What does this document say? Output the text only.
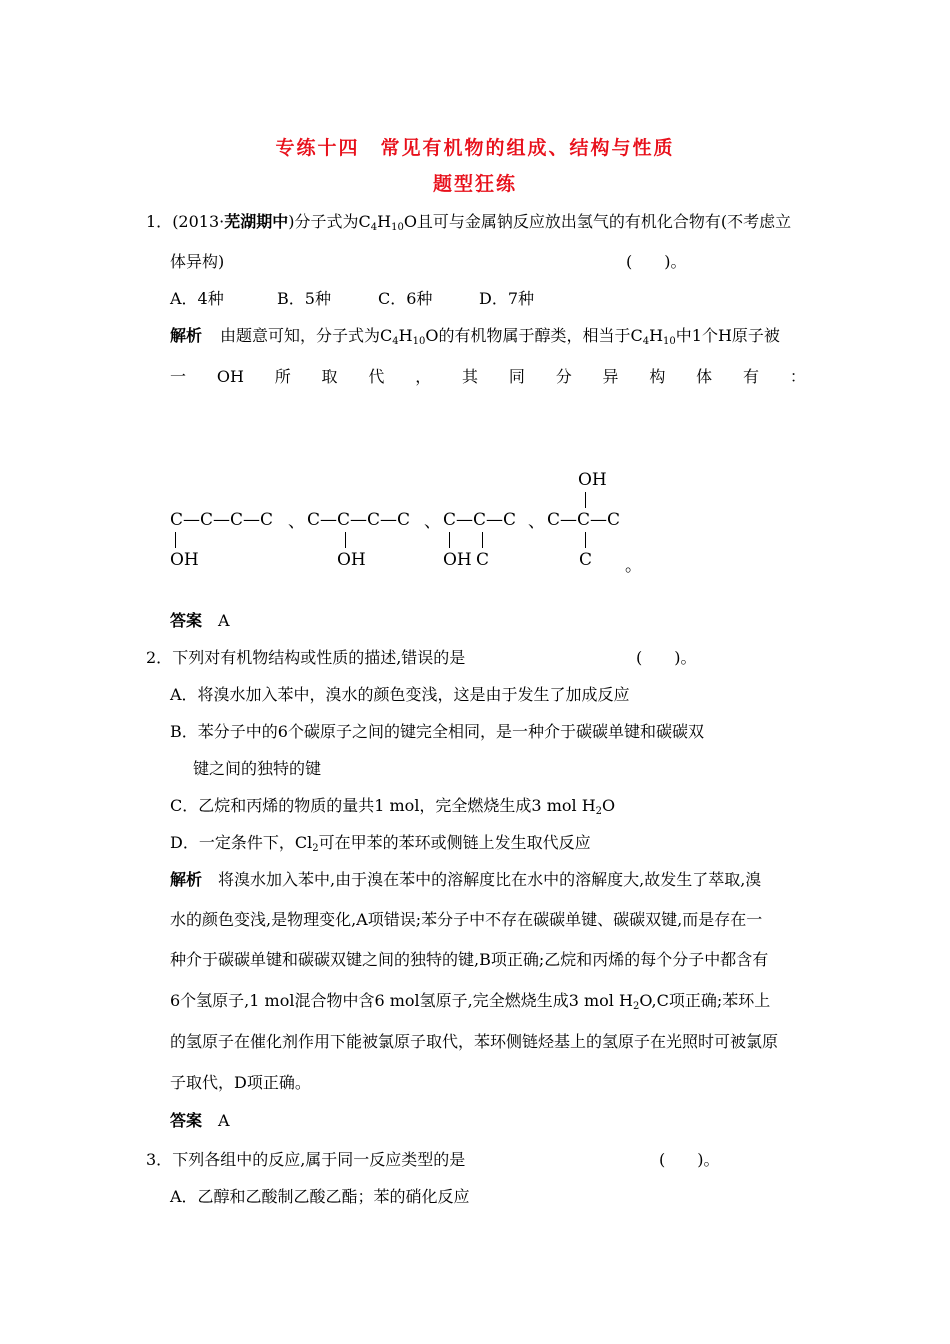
专练十四　常见有机物的组成、结构与性质
题型狂练
1．(2013·芜湖期中)分子式为$C_4H_{10}O$且可与金属钠反应放出氢气的有机化合物有(不考虑立
体异构)	(　　)。
A．4种	B．5种	C．6种	D．7种
解析 由题意可知，分子式为$C_4H_{10}O$的有机物属于醇类，相当于$C_4H_{10}$中1个H原子被
一 OH 所 取 代 ， 其 同 分 异 构 体 有 ：
C—C—C—C
OH
、 C—C—C—C
OH
、 C—C—C
OH C
、
OH
C—C—C
C 。
答案 A
2．下列对有机物结构或性质的描述,错误的是	(　　)。
A．将溴水加入苯中，溴水的颜色变浅，这是由于发生了加成反应
B．苯分子中的6个碳原子之间的键完全相同，是一种介于碳碳单键和碳碳双
键之间的独特的键
C．乙烷和丙烯的物质的量共1 mol，完全燃烧生成3 mol $H_2O$
D．一定条件下，$Cl_2$可在甲苯的苯环或侧链上发生取代反应
解析 将溴水加入苯中,由于溴在苯中的溶解度比在水中的溶解度大,故发生了萃取,溴
水的颜色变浅,是物理变化,A项错误;苯分子中不存在碳碳单键、碳碳双键,而是存在一
种介于碳碳单键和碳碳双键之间的独特的键,B项正确;乙烷和丙烯的每个分子中都含有
6个氢原子,1 mol混合物中含6 mol氢原子,完全燃烧生成3 mol $H_2O,C$项正确;苯环上
的氢原子在催化剂作用下能被氯原子取代，苯环侧链烃基上的氢原子在光照时可被氯原
子取代，D项正确。
答案 A
3．下列各组中的反应,属于同一反应类型的是	(　　)。
A．乙醇和乙酸制乙酸乙酯；苯的硝化反应
